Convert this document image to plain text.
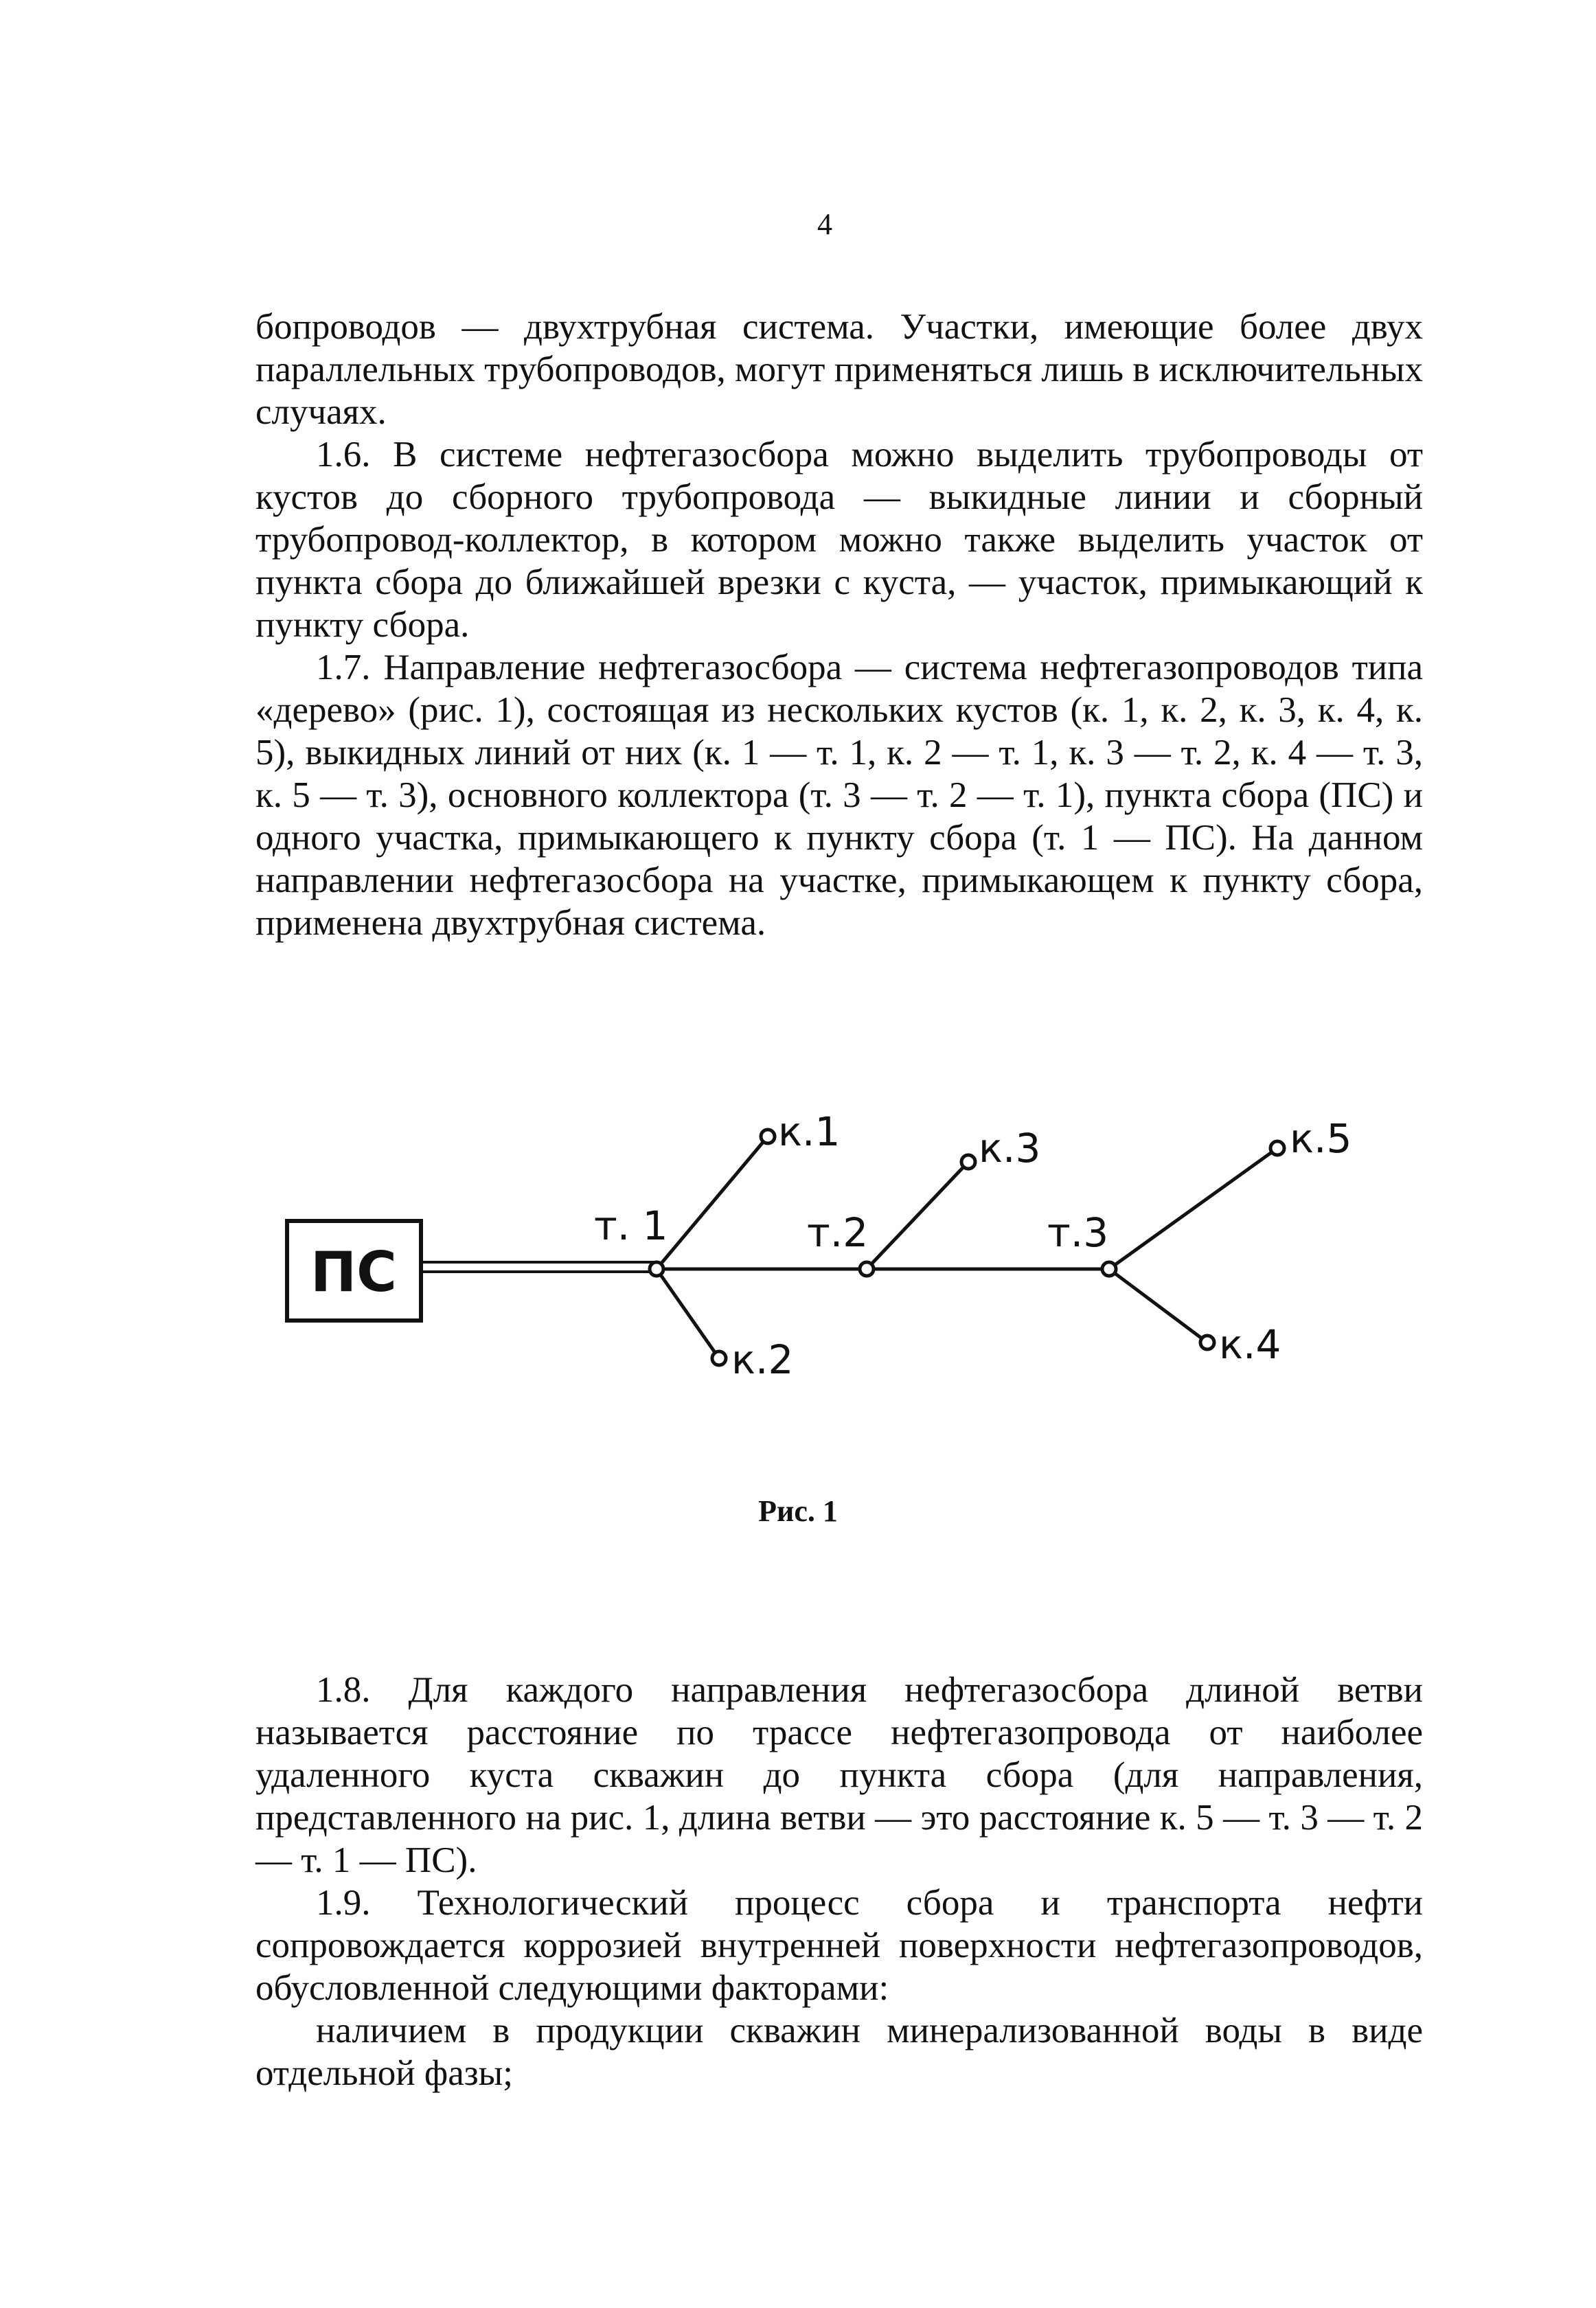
4

бопроводов — двухтрубная система. Участки, имеющие более двух параллельных трубопроводов, могут применяться лишь в исключительных случаях.

1.6. В системе нефтегазосбора можно выделить трубопроводы от кустов до сборного трубопровода — выкидные линии и сборный трубопровод-коллектор, в котором можно также выделить участок от пункта сбора до ближайшей врезки с куста, — участок, примыкающий к пункту сбора.

1.7. Направление нефтегазосбора — система нефтегазопроводов типа «дерево» (рис. 1), состоящая из нескольких кустов (к. 1, к. 2, к. 3, к. 4, к. 5), выкидных линий от них (к. 1 — т. 1, к. 2 — т. 1, к. 3 — т. 2, к. 4 — т. 3, к. 5 — т. 3), основного коллектора (т. 3 — т. 2 — т. 1), пункта сбора (ПС) и одного участка, примыкающего к пункту сбора (т. 1 — ПС). На данном направлении нефтегазосбора на участке, примыкающем к пункту сбора, применена двухтрубная система.

ПС
т. 1	т.2	т.3
к.1
к.2
к.3
к.4
к.5
Рис. 1

1.8. Для каждого направления нефтегазосбора длиной ветви называется расстояние по трассе нефтегазопровода от наиболее удаленного куста скважин до пункта сбора (для направления, представленного на рис. 1, длина ветви — это расстояние к. 5 — т. 3 — т. 2 — т. 1 — ПС).

1.9. Технологический процесс сбора и транспорта нефти сопровождается коррозией внутренней поверхности нефтегазопроводов, обусловленной следующими факторами:

наличием в продукции скважин минерализованной воды в виде отдельной фазы;
